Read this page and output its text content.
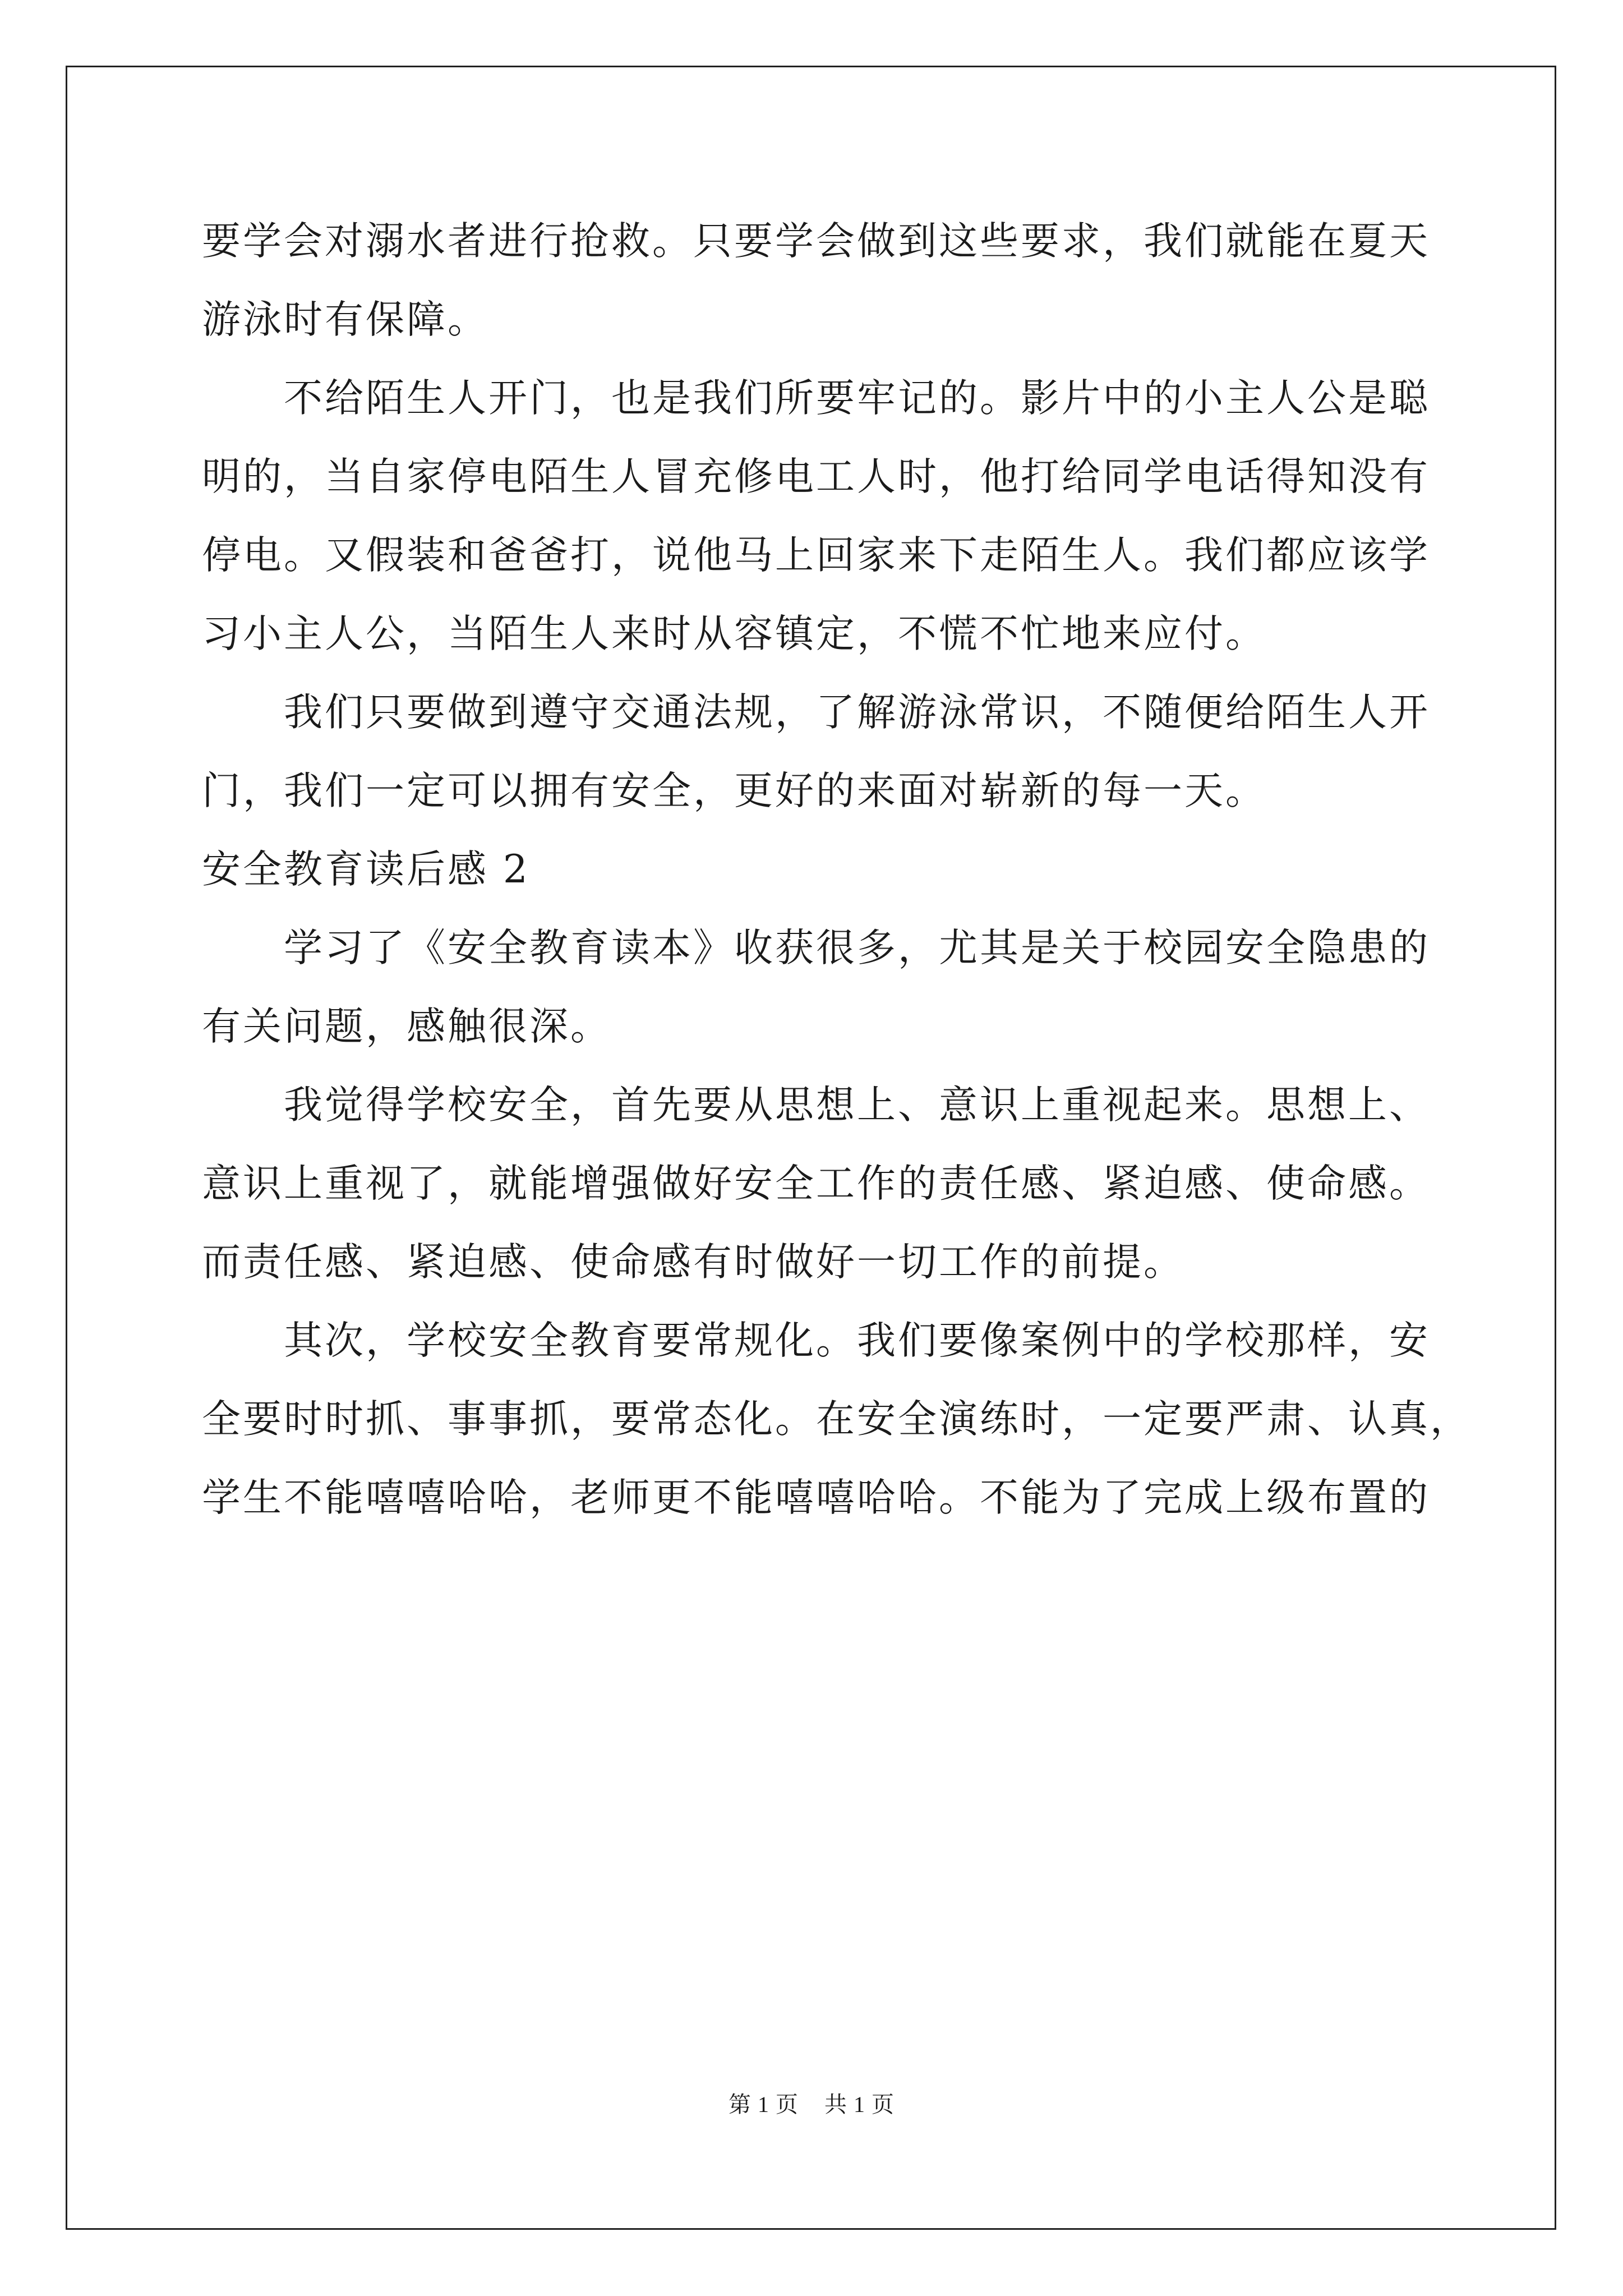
要学会对溺水者进行抢救。只要学会做到这些要求，我们就能在夏天
游泳时有保障。
不给陌生人开门，也是我们所要牢记的。影片中的小主人公是聪
明的，当自家停电陌生人冒充修电工人时，他打给同学电话得知没有
停电。又假装和爸爸打，说他马上回家来下走陌生人。我们都应该学
习小主人公，当陌生人来时从容镇定，不慌不忙地来应付。
我们只要做到遵守交通法规，了解游泳常识，不随便给陌生人开
门，我们一定可以拥有安全，更好的来面对崭新的每一天。
安全教育读后感 2
学习了《安全教育读本》收获很多，尤其是关于校园安全隐患的
有关问题，感触很深。
我觉得学校安全，首先要从思想上、意识上重视起来。思想上、
意识上重视了，就能增强做好安全工作的责任感、紧迫感、使命感。
而责任感、紧迫感、使命感有时做好一切工作的前提。
其次，学校安全教育要常规化。我们要像案例中的学校那样，安
全要时时抓、事事抓，要常态化。在安全演练时，一定要严肃、认真，
学生不能嘻嘻哈哈，老师更不能嘻嘻哈哈。不能为了完成上级布置的
第 1 页 共 1 页
